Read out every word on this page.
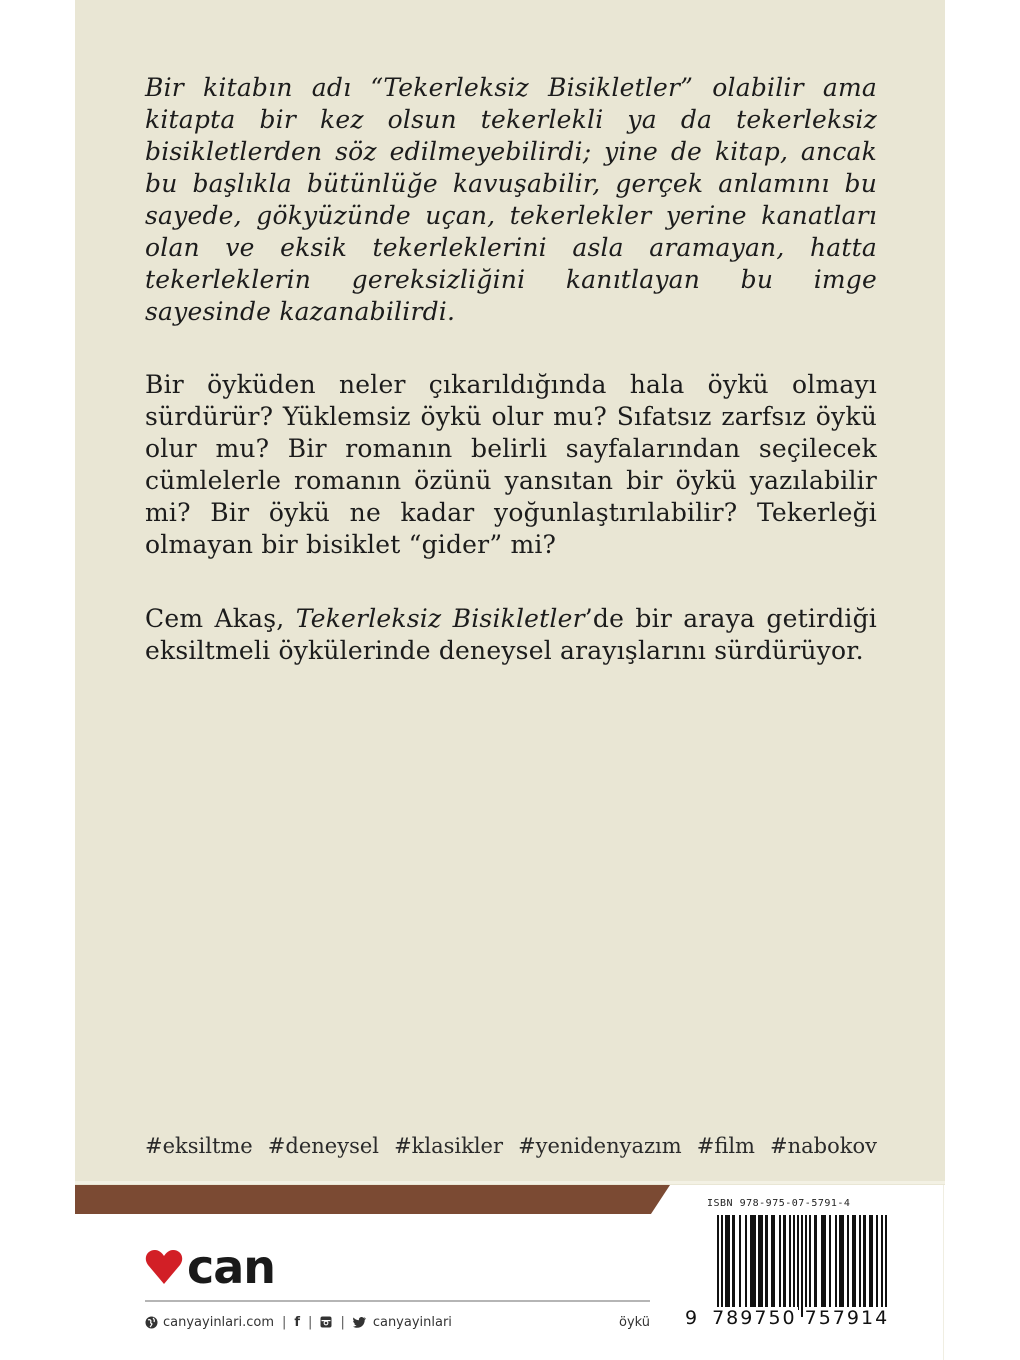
Bir kitabın adı “Tekerleksiz Bisikletler” olabilir ama kitapta bir kez olsun tekerlekli ya da tekerleksiz bisikletlerden söz edilmeyebilirdi; yine de kitap, ancak bu başlıkla bütünlüğe kavuşabilir, gerçek anlamını bu sayede, gökyüzünde uçan, tekerlekler yerine kanatları olan ve eksik tekerleklerini asla aramayan, hatta tekerleklerin gereksizliğini kanıtlayan bu imge sayesinde kazanabilirdi.

Bir öyküden neler çıkarıldığında hala öykü olmayı sürdürür? Yüklemsiz öykü olur mu? Sıfatsız zarfsız öykü olur mu? Bir romanın belirli sayfalarından seçilecek cümlelerle romanın özünü yansıtan bir öykü yazılabilir mi? Bir öykü ne kadar yoğunlaştırılabilir? Tekerleği olmayan bir bisiklet “gider” mi?

Cem Akaş, Tekerleksiz Bisikletler’de bir araya getirdiği eksiltmeli öykülerinde deneysel arayışlarını sürdürüyor.

#eksiltme #deneysel #klasikler #yenidenyazım #film #nabokov
can
canyayinlari.com | f | | canyayinlari	öykü
ISBN 978-975-07-5791-4
9 789750 757914
